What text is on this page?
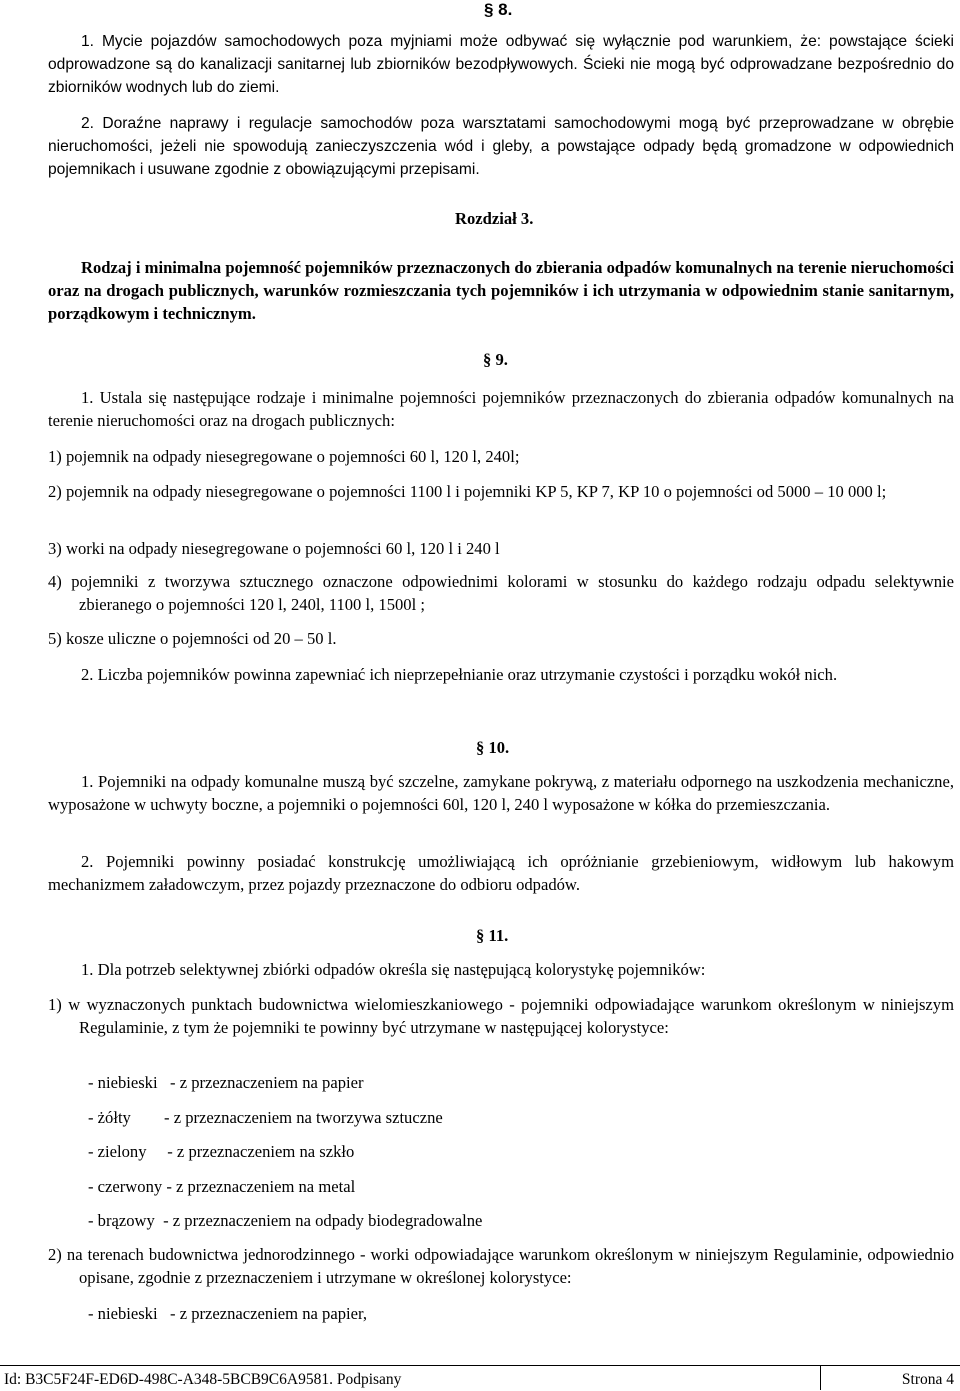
§ 8.

1. Mycie pojazdów samochodowych poza myjniami może odbywać się wyłącznie pod warunkiem, że: powstające ścieki odprowadzone są do kanalizacji sanitarnej lub zbiorników bezodpływowych. Ścieki nie mogą być odprowadzane bezpośrednio do zbiorników wodnych lub do ziemi.

2. Doraźne naprawy i regulacje samochodów poza warsztatami samochodowymi mogą być przeprowadzane w obrębie nieruchomości, jeżeli nie spowodują zanieczyszczenia wód i gleby, a powstające odpady będą gromadzone w odpowiednich pojemnikach i usuwane zgodnie z obowiązującymi przepisami.

Rozdział 3.

Rodzaj i minimalna pojemność pojemników przeznaczonych do zbierania odpadów komunalnych na terenie nieruchomości oraz na drogach publicznych, warunków rozmieszczania tych pojemników i ich utrzymania w odpowiednim stanie sanitarnym, porządkowym i technicznym.

§ 9.

1. Ustala się następujące rodzaje i minimalne pojemności pojemników przeznaczonych do zbierania odpadów komunalnych na terenie nieruchomości oraz na drogach publicznych:

1) pojemnik na odpady niesegregowane o pojemności 60 l, 120 l, 240l;

2) pojemnik na odpady niesegregowane o pojemności 1100 l i pojemniki KP 5, KP 7, KP 10 o pojemności od 5000 – 10 000 l;

3) worki na odpady niesegregowane o pojemności 60 l, 120 l i 240 l

4) pojemniki z tworzywa sztucznego oznaczone odpowiednimi kolorami w stosunku do każdego rodzaju odpadu selektywnie zbieranego o pojemności 120 l, 240l, 1100 l, 1500l ;

5) kosze uliczne o pojemności od 20 – 50 l.

2. Liczba pojemników powinna zapewniać ich nieprzepełnianie oraz utrzymanie czystości i porządku wokół nich.

§ 10.

1. Pojemniki na odpady komunalne muszą być szczelne, zamykane pokrywą, z materiału odpornego na uszkodzenia mechaniczne, wyposażone w uchwyty boczne, a pojemniki o pojemności 60l, 120 l, 240 l wyposażone w kółka do przemieszczania.

2. Pojemniki powinny posiadać konstrukcję umożliwiającą ich opróżnianie grzebieniowym, widłowym lub hakowym mechanizmem załadowczym, przez pojazdy przeznaczone do odbioru odpadów.

§ 11.

1. Dla potrzeb selektywnej zbiórki odpadów określa się następującą kolorystykę pojemników:

1) w wyznaczonych punktach budownictwa wielomieszkaniowego - pojemniki odpowiadające warunkom określonym w niniejszym Regulaminie, z tym że pojemniki te powinny być utrzymane w następującej kolorystyce:

- niebieski   - z przeznaczeniem na papier

- żółty        - z przeznaczeniem na tworzywa sztuczne

- zielony     - z przeznaczeniem na szkło

- czerwony - z przeznaczeniem na metal

- brązowy  - z przeznaczeniem na odpady biodegradowalne

2) na terenach budownictwa jednorodzinnego - worki odpowiadające warunkom określonym w niniejszym Regulaminie, odpowiednio opisane, zgodnie z przeznaczeniem i utrzymane w określonej kolorystyce:

- niebieski   - z przeznaczeniem na papier,

Id: B3C5F24F-ED6D-498C-A348-5BCB9C6A9581. Podpisany	Strona 4
